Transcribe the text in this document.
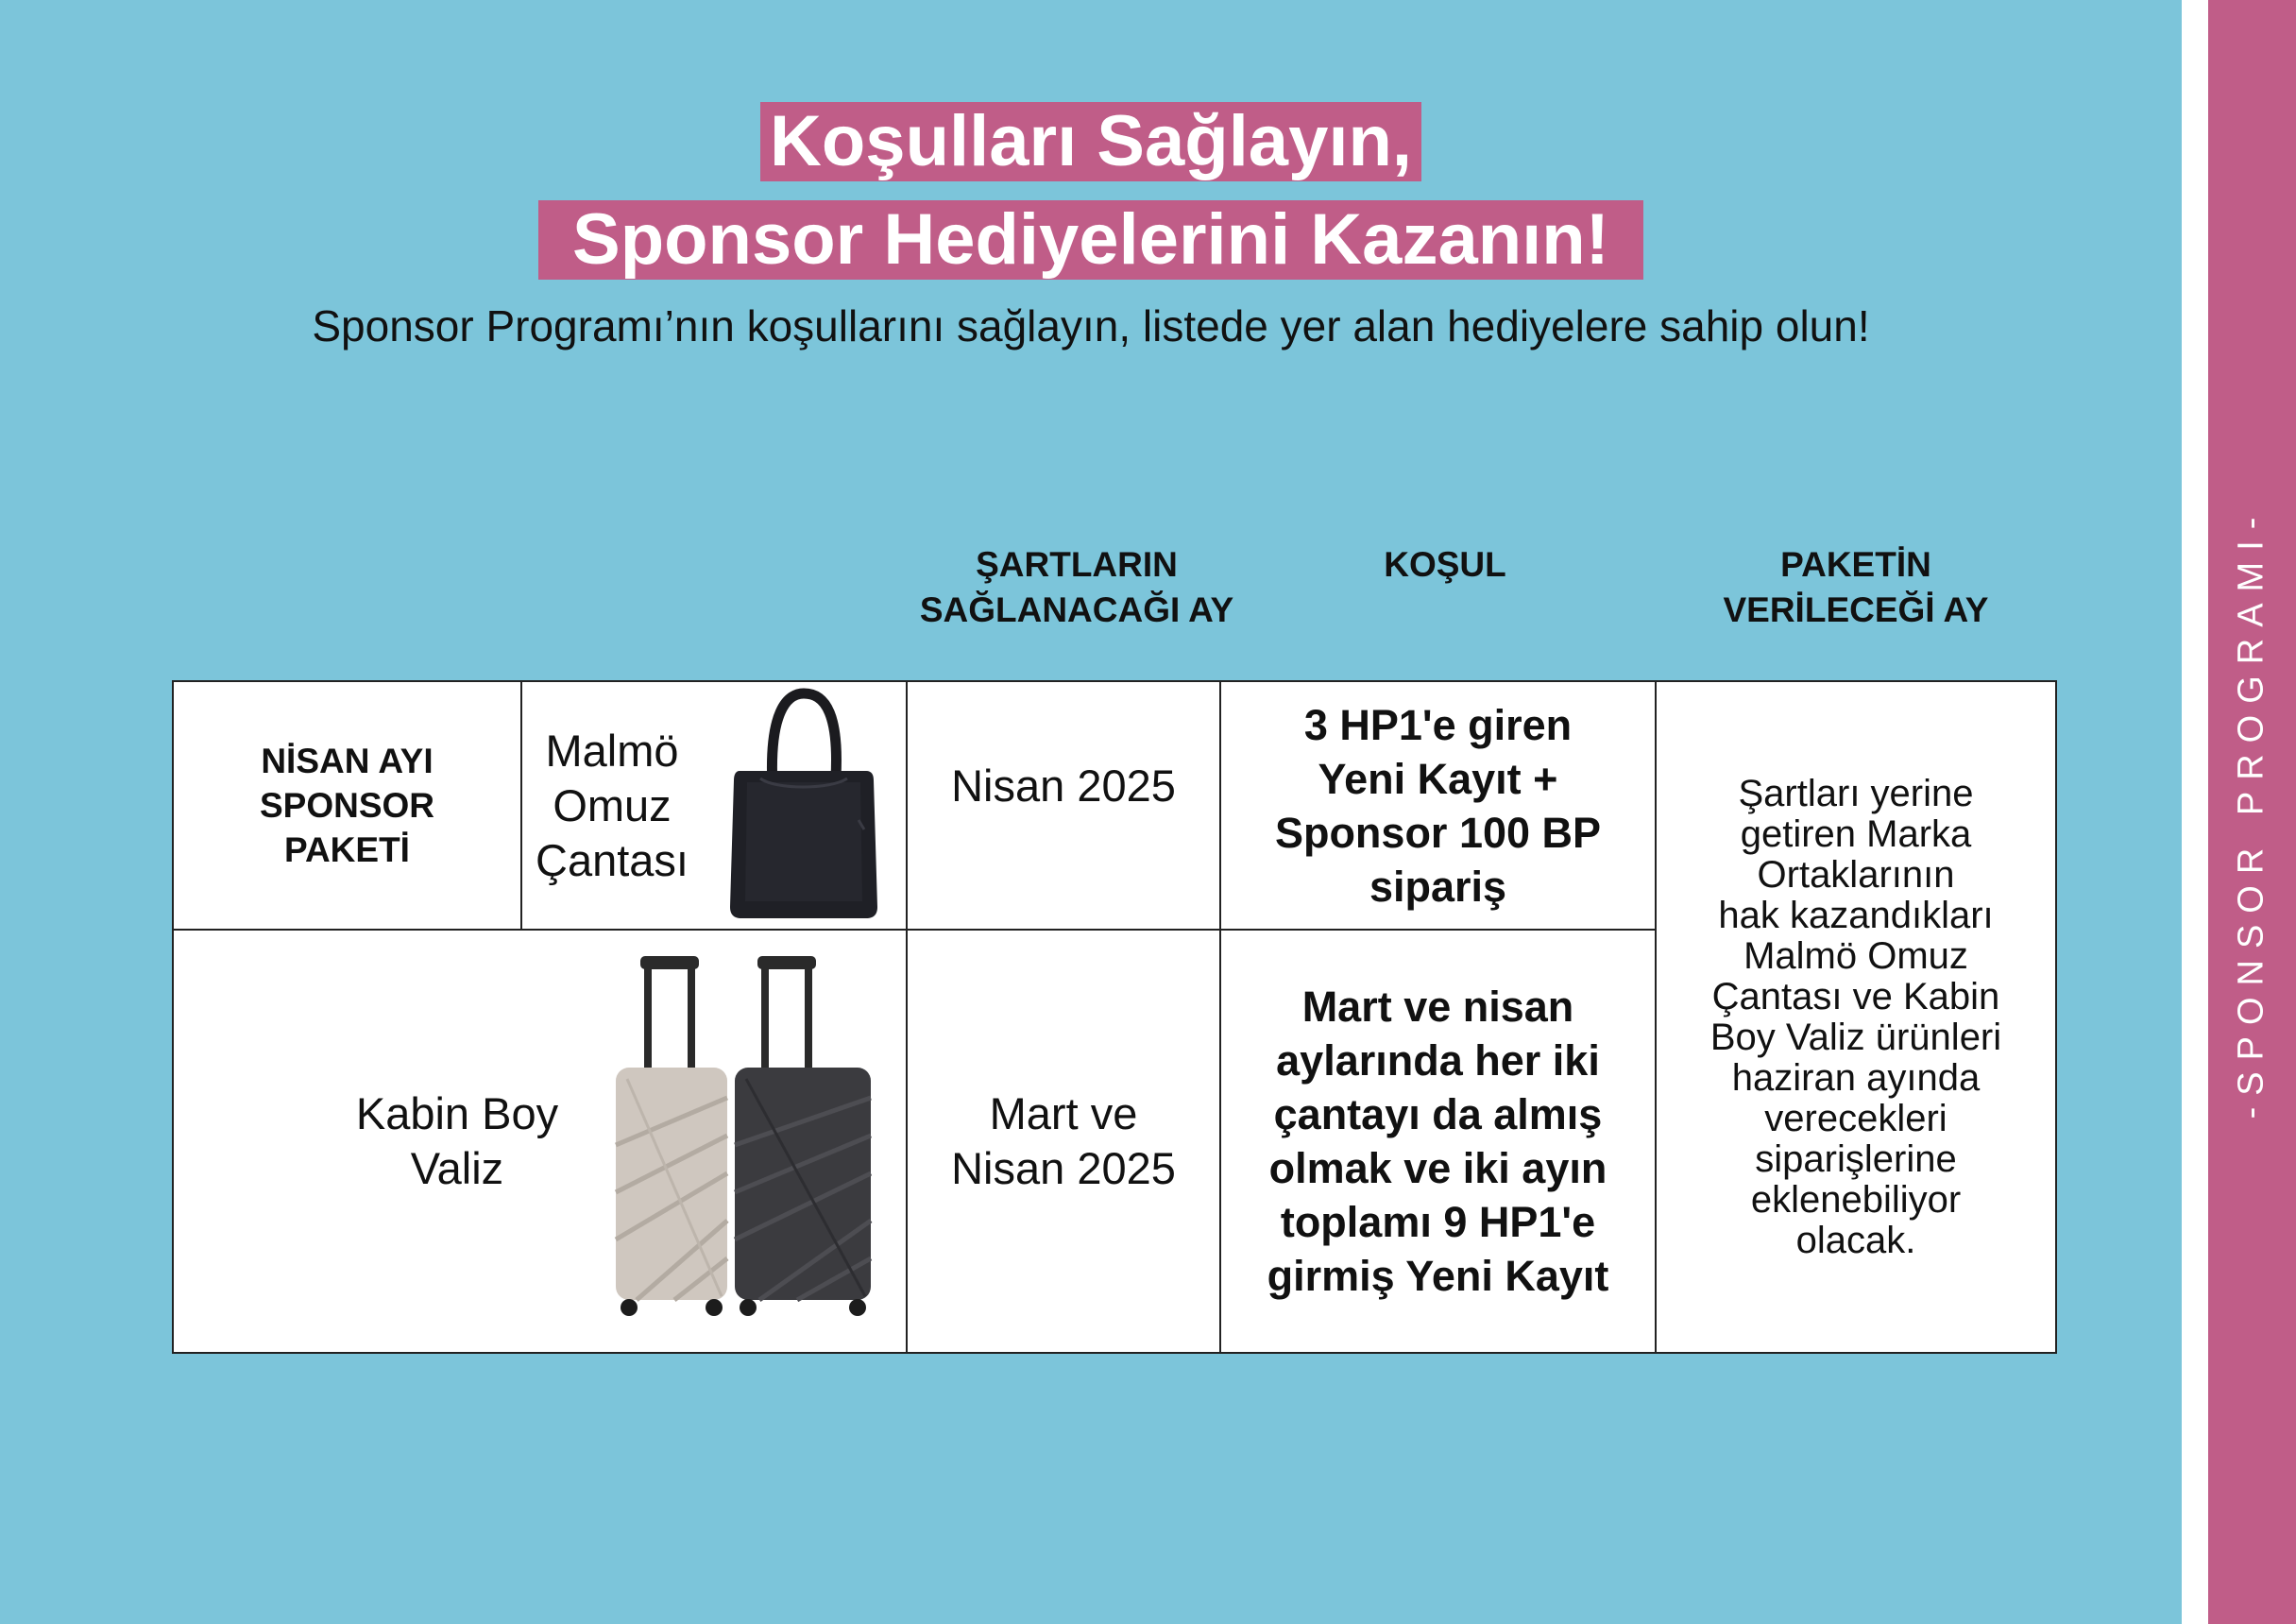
-SPONSOR PROGRAMI-
Koşulları Sağlayın,
Sponsor Hediyelerini Kazanın!
Sponsor Programı’nın koşullarını sağlayın, listede yer alan hediyelere sahip olun!
ŞARTLARIN
SAĞLANACAĞI AY
KOŞUL	PAKETİN
VERİLECEĞİ AY
NİSAN AYI
SPONSOR
PAKETİ
Malmö
Omuz
Çantası
Kabin Boy
Valiz
Nisan 2025
Mart ve
Nisan 2025
3 HP1'e giren
Yeni Kayıt +
Sponsor 100 BP
sipariş
Mart ve nisan
aylarında her iki
çantayı da almış
olmak ve iki ayın
toplamı 9 HP1'e
girmiş Yeni Kayıt
Şartları yerine
getiren Marka
Ortaklarının
hak kazandıkları
Malmö Omuz
Çantası ve Kabin
Boy Valiz ürünleri
haziran ayında
verecekleri
siparişlerine
eklenebiliyor
olacak.
